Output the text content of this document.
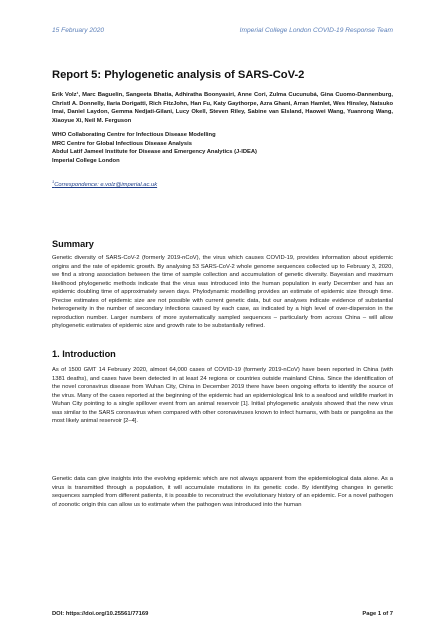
15 February 2020	Imperial College London COVID-19 Response Team
Report 5: Phylogenetic analysis of SARS-CoV-2
Erik Volz¹, Marc Baguelin, Sangeeta Bhatia, Adhiratha Boonyasiri, Anne Cori, Zulma Cucunubá, Gina Cuomo-Dannenburg, Christl A. Donnelly, Ilaria Dorigatti, Rich FitzJohn, Han Fu, Katy Gaythorpe, Azra Ghani, Arran Hamlet, Wes Hinsley, Natsuko Imai, Daniel Laydon, Gemma Nedjati-Gilani, Lucy Okell, Steven Riley, Sabine van Elsland, Haowei Wang, Yuanrong Wang, Xiaoyue Xi, Neil M. Ferguson
WHO Collaborating Centre for Infectious Disease Modelling
MRC Centre for Global Infectious Disease Analysis
Abdul Latif Jameel Institute for Disease and Emergency Analytics (J-IDEA)
Imperial College London
$^1$Correspondence: e.volz@imperial.ac.uk
Summary

Genetic diversity of SARS-CoV-2 (formerly 2019-nCoV), the virus which causes COVID-19, provides information about epidemic origins and the rate of epidemic growth. By analysing 53 SARS-CoV-2 whole genome sequences collected up to February 3, 2020, we find a strong association between the time of sample collection and accumulation of genetic diversity. Bayesian and maximum likelihood phylogenetic methods indicate that the virus was introduced into the human population in early December and has an epidemic doubling time of approximately seven days. Phylodynamic modelling provides an estimate of epidemic size through time. Precise estimates of epidemic size are not possible with current genetic data, but our analyses indicate evidence of substantial heterogeneity in the number of secondary infections caused by each case, as indicated by a high level of over-dispersion in the reproduction number. Larger numbers of more systematically sampled sequences – particularly from across China – will allow phylogenetic estimates of epidemic size and growth rate to be substantially refined.

1. Introduction

As of 1500 GMT 14 February 2020, almost 64,000 cases of COVID-19 (formerly 2019-nCoV) have been reported in China (with 1381 deaths), and cases have been detected in at least 24 regions or countries outside mainland China. Since the identification of the novel coronavirus disease from Wuhan City, China in December 2019 there have been ongoing efforts to identify the source of the virus. Many of the cases reported at the beginning of the epidemic had an epidemiological link to a seafood and wildlife market in Wuhan City pointing to a single spillover event from an animal reservoir [1]. Initial phylogenetic analysis showed that the new virus was similar to the SARS coronavirus when compared with other coronaviruses known to infect humans, with bats or pangolins as the most likely animal reservoir [2–4].

Genetic data can give insights into the evolving epidemic which are not always apparent from the epidemiological data alone. As a virus is transmitted through a population, it will accumulate mutations in its genetic code. By identifying changes in genetic sequences sampled from different patients, it is possible to reconstruct the evolutionary history of an epidemic. For a novel pathogen of zoonotic origin this can allow us to estimate when the pathogen was introduced into the human

DOI: https://doi.org/10.25561/77169	Page 1 of 7
